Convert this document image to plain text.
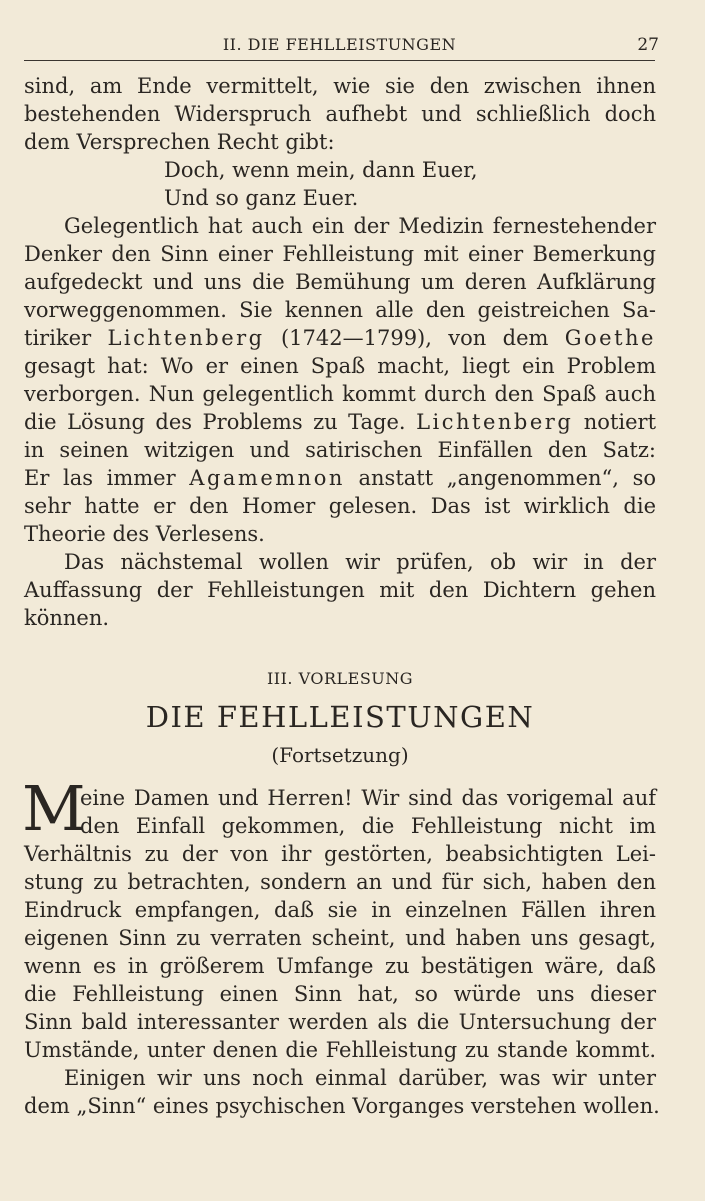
II. DIE FEHLLEISTUNGEN	27
sind, am Ende vermittelt, wie sie den zwischen ihnen
bestehenden Widerspruch aufhebt und schließlich doch
dem Versprechen Recht gibt:
Doch, wenn mein, dann Euer,
Und so ganz Euer.
Gelegentlich hat auch ein der Medizin fernestehender
Denker den Sinn einer Fehlleistung mit einer Bemerkung
aufgedeckt und uns die Bemühung um deren Aufklärung
vorweggenommen. Sie kennen alle den geistreichen Sa-
tiriker Lichtenberg (1742—1799), von dem Goethe
gesagt hat: Wo er einen Spaß macht, liegt ein Problem
verborgen. Nun gelegentlich kommt durch den Spaß auch
die Lösung des Problems zu Tage. Lichtenberg notiert
in seinen witzigen und satirischen Einfällen den Satz:
Er las immer Agamemnon anstatt „angenommen“, so
sehr hatte er den Homer gelesen. Das ist wirklich die
Theorie des Verlesens.
Das nächstemal wollen wir prüfen, ob wir in der
Auffassung der Fehlleistungen mit den Dichtern gehen
können.
III. VORLESUNG
DIE FEHLLEISTUNGEN
(Fortsetzung)
M
eine Damen und Herren! Wir sind das vorigemal auf
den Einfall gekommen, die Fehlleistung nicht im
Verhältnis zu der von ihr gestörten, beabsichtigten Lei-
stung zu betrachten, sondern an und für sich, haben den
Eindruck empfangen, daß sie in einzelnen Fällen ihren
eigenen Sinn zu verraten scheint, und haben uns gesagt,
wenn es in größerem Umfange zu bestätigen wäre, daß
die Fehlleistung einen Sinn hat, so würde uns dieser
Sinn bald interessanter werden als die Untersuchung der
Umstände, unter denen die Fehlleistung zu stande kommt.
Einigen wir uns noch einmal darüber, was wir unter
dem „Sinn“ eines psychischen Vorganges verstehen wollen.
